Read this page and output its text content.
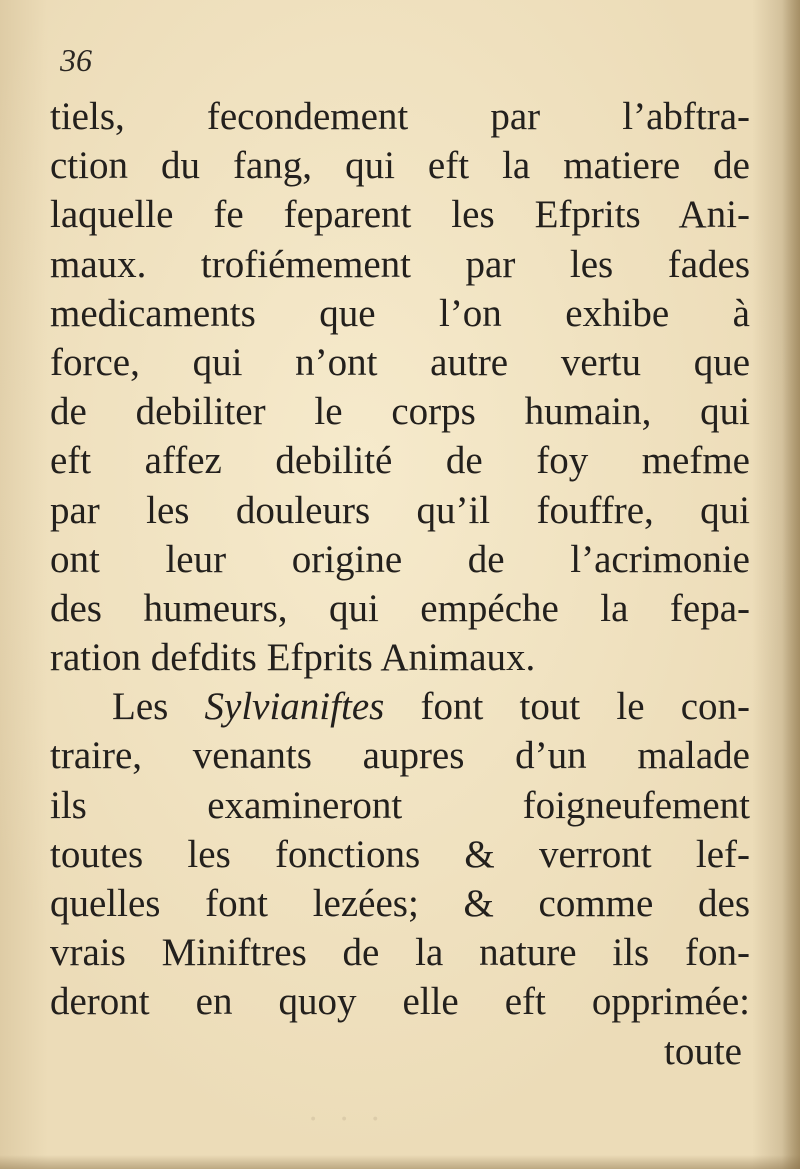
· · ·
36
tiels, fecondement par l’abftra-
ction du fang, qui eft la matiere de
laquelle fe feparent les Efprits Ani-
maux. trofiémement par les fades
medicaments que l’on exhibe à
force, qui n’ont autre vertu que
de debiliter le corps humain, qui
eft affez debilité de foy mefme
par les douleurs qu’il fouffre, qui
ont leur origine de l’acrimonie
des humeurs, qui empéche la fepa-
ration defdits Efprits Animaux.
Les Sylvianiftes font tout le con-
traire, venants aupres d’un malade
ils examineront foigneufement
toutes les fonctions & verront lef-
quelles font lezées; & comme des
vrais Miniftres de la nature ils fon-
deront en quoy elle eft opprimée:
toute
